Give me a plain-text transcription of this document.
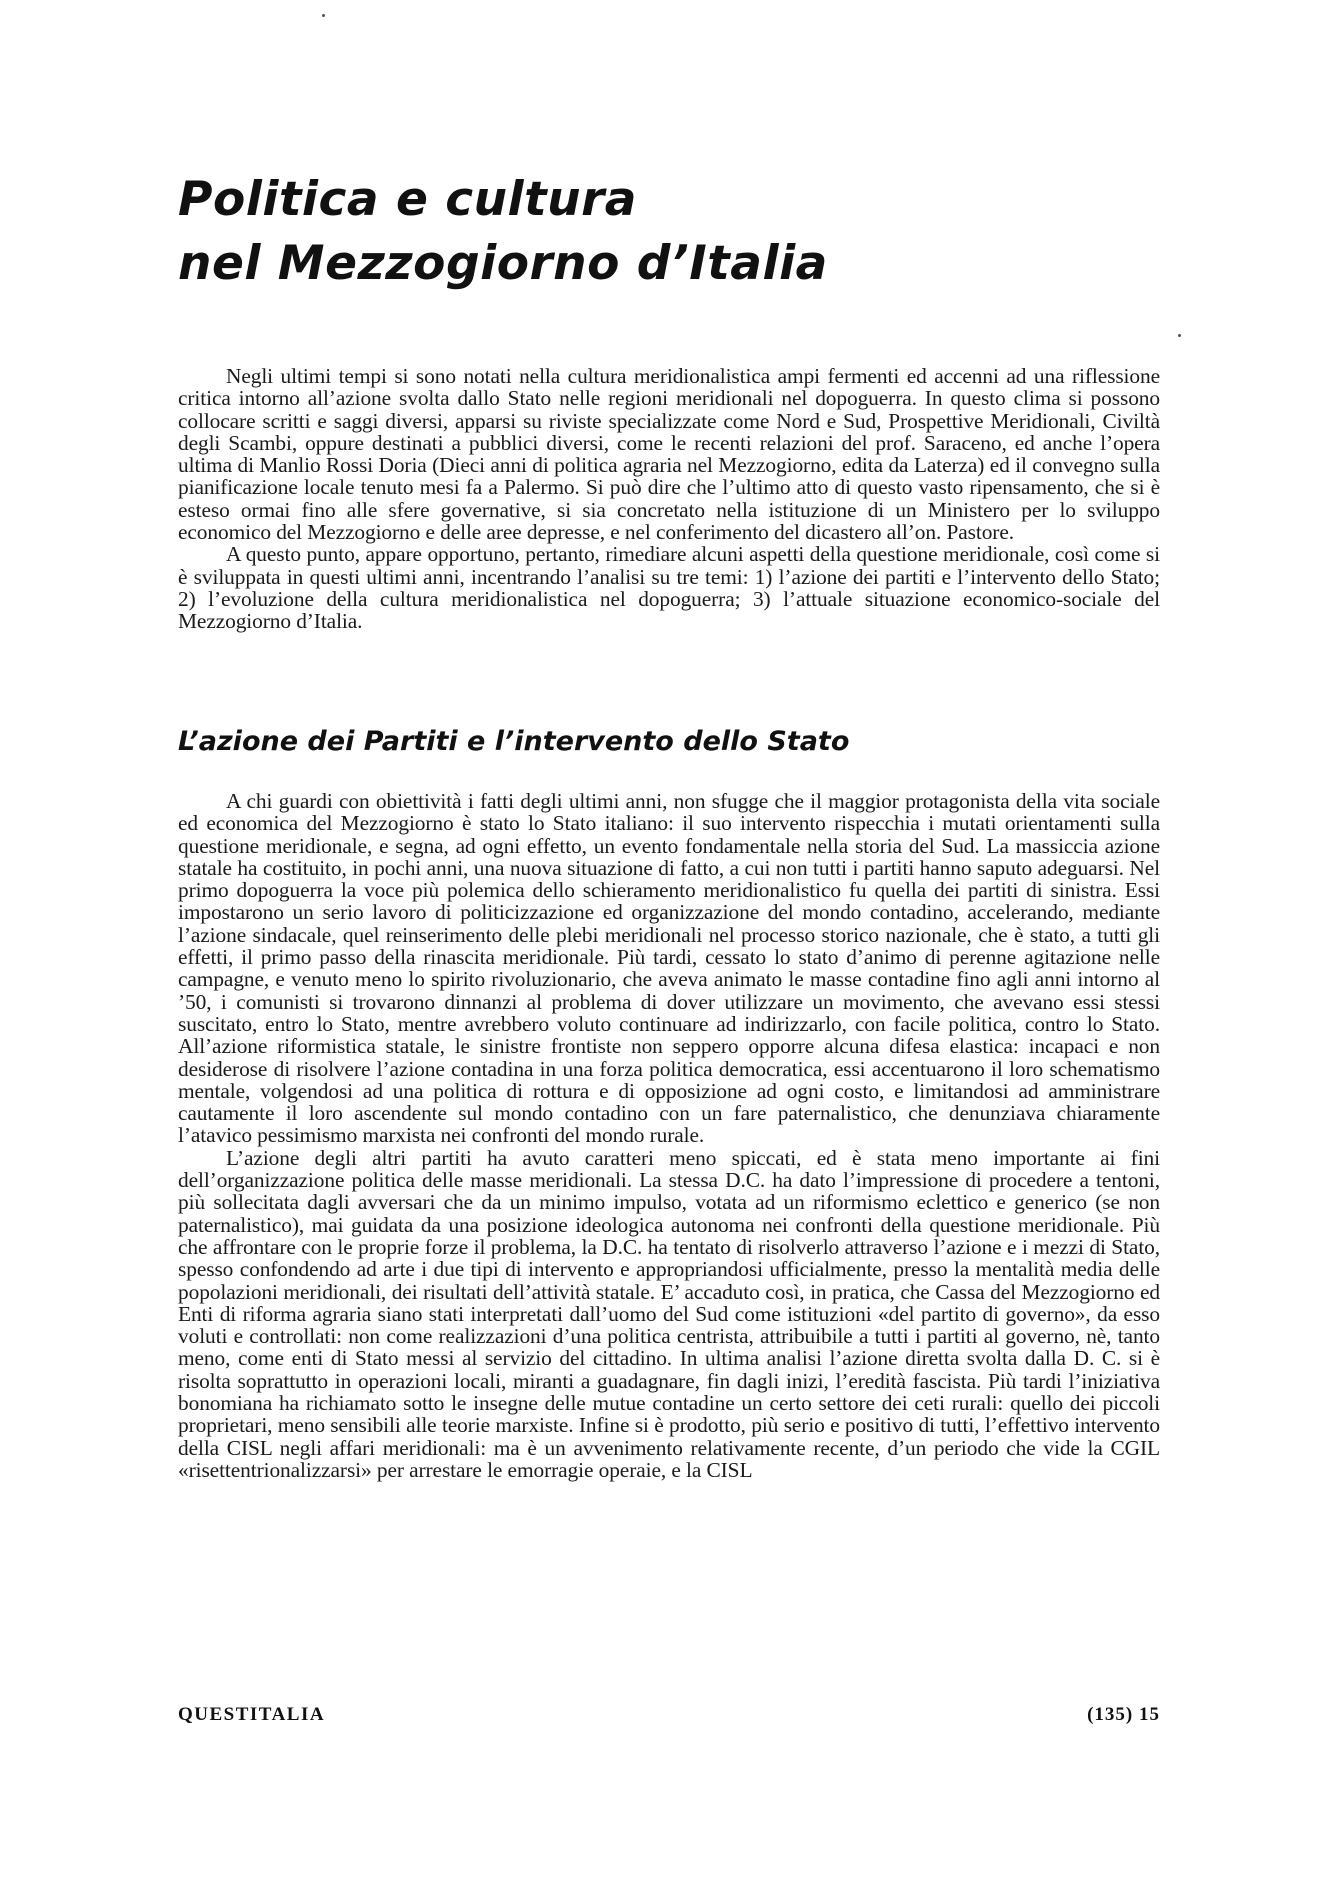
Politica e cultura
nel Mezzogiorno d’Italia

Negli ultimi tempi si sono notati nella cultura meridionalistica ampi fermenti ed accenni ad una riflessione critica intorno all’azione svolta dallo Stato nelle regioni meridionali nel dopoguerra. In questo clima si possono collocare scritti e saggi diversi, apparsi su riviste specializzate come Nord e Sud, Prospettive Meridionali, Civiltà degli Scambi, oppure destinati a pubblici diversi, come le recenti relazioni del prof. Saraceno, ed anche l’opera ultima di Manlio Rossi Doria (Dieci anni di politica agraria nel Mezzogiorno, edita da Laterza) ed il convegno sulla pianificazione locale tenuto mesi fa a Palermo. Si può dire che l’ultimo atto di questo vasto ripensamento, che si è esteso ormai fino alle sfere governative, si sia concretato nella istituzione di un Ministero per lo sviluppo economico del Mezzogiorno e delle aree depresse, e nel conferimento del dicastero all’on. Pastore.

A questo punto, appare opportuno, pertanto, rimediare alcuni aspetti della questione meridionale, così come si è sviluppata in questi ultimi anni, incentrando l’analisi su tre temi: 1) l’azione dei partiti e l’intervento dello Stato; 2) l’evoluzione della cultura meridionalistica nel dopoguerra; 3) l’attuale situazione economico-sociale del Mezzogiorno d’Italia.

L’azione dei Partiti e l’intervento dello Stato

A chi guardi con obiettività i fatti degli ultimi anni, non sfugge che il maggior protagonista della vita sociale ed economica del Mezzogiorno è stato lo Stato italiano: il suo intervento rispecchia i mutati orientamenti sulla questione meridionale, e segna, ad ogni effetto, un evento fondamentale nella storia del Sud. La massiccia azione statale ha costituito, in pochi anni, una nuova situazione di fatto, a cui non tutti i partiti hanno saputo adeguarsi. Nel primo dopoguerra la voce più polemica dello schieramento meridionalistico fu quella dei partiti di sinistra. Essi impostarono un serio lavoro di politicizzazione ed organizzazione del mondo contadino, accelerando, mediante l’azione sindacale, quel reinserimento delle plebi meridionali nel processo storico nazionale, che è stato, a tutti gli effetti, il primo passo della rinascita meridionale. Più tardi, cessato lo stato d’animo di perenne agitazione nelle campagne, e venuto meno lo spirito rivoluzionario, che aveva animato le masse contadine fino agli anni intorno al ’50, i comunisti si trovarono dinnanzi al problema di dover utilizzare un movimento, che avevano essi stessi suscitato, entro lo Stato, mentre avrebbero voluto continuare ad indirizzarlo, con facile politica, contro lo Stato. All’azione riformistica statale, le sinistre frontiste non seppero opporre alcuna difesa elastica: incapaci e non desiderose di risolvere l’azione contadina in una forza politica democratica, essi accentuarono il loro schematismo mentale, volgendosi ad una politica di rottura e di opposizione ad ogni costo, e limitandosi ad amministrare cautamente il loro ascendente sul mondo contadino con un fare paternalistico, che denunziava chiaramente l’atavico pessimismo marxista nei confronti del mondo rurale.

L’azione degli altri partiti ha avuto caratteri meno spiccati, ed è stata meno importante ai fini dell’organizzazione politica delle masse meridionali. La stessa D.C. ha dato l’impressione di procedere a tentoni, più sollecitata dagli avversari che da un minimo impulso, votata ad un riformismo eclettico e generico (se non paternalistico), mai guidata da una posizione ideologica autonoma nei confronti della questione meridionale. Più che affrontare con le proprie forze il problema, la D.C. ha tentato di risolverlo attraverso l’azione e i mezzi di Stato, spesso confondendo ad arte i due tipi di intervento e appropriandosi ufficialmente, presso la mentalità media delle popolazioni meridionali, dei risultati dell’attività statale. E’ accaduto così, in pratica, che Cassa del Mezzogiorno ed Enti di riforma agraria siano stati interpretati dall’uomo del Sud come istituzioni «del partito di governo», da esso voluti e controllati: non come realizzazioni d’una politica centrista, attribuibile a tutti i partiti al governo, nè, tanto meno, come enti di Stato messi al servizio del cittadino. In ultima analisi l’azione diretta svolta dalla D. C. si è risolta soprattutto in operazioni locali, miranti a guadagnare, fin dagli inizi, l’eredità fascista. Più tardi l’iniziativa bonomiana ha richiamato sotto le insegne delle mutue contadine un certo settore dei ceti rurali: quello dei piccoli proprietari, meno sensibili alle teorie marxiste. Infine si è prodotto, più serio e positivo di tutti, l’effettivo intervento della CISL negli affari meridionali: ma è un avvenimento relativamente recente, d’un periodo che vide la CGIL «risettentrionalizzarsi» per arrestare le emorragie operaie, e la CISL

QUESTITALIA	(135) 15
